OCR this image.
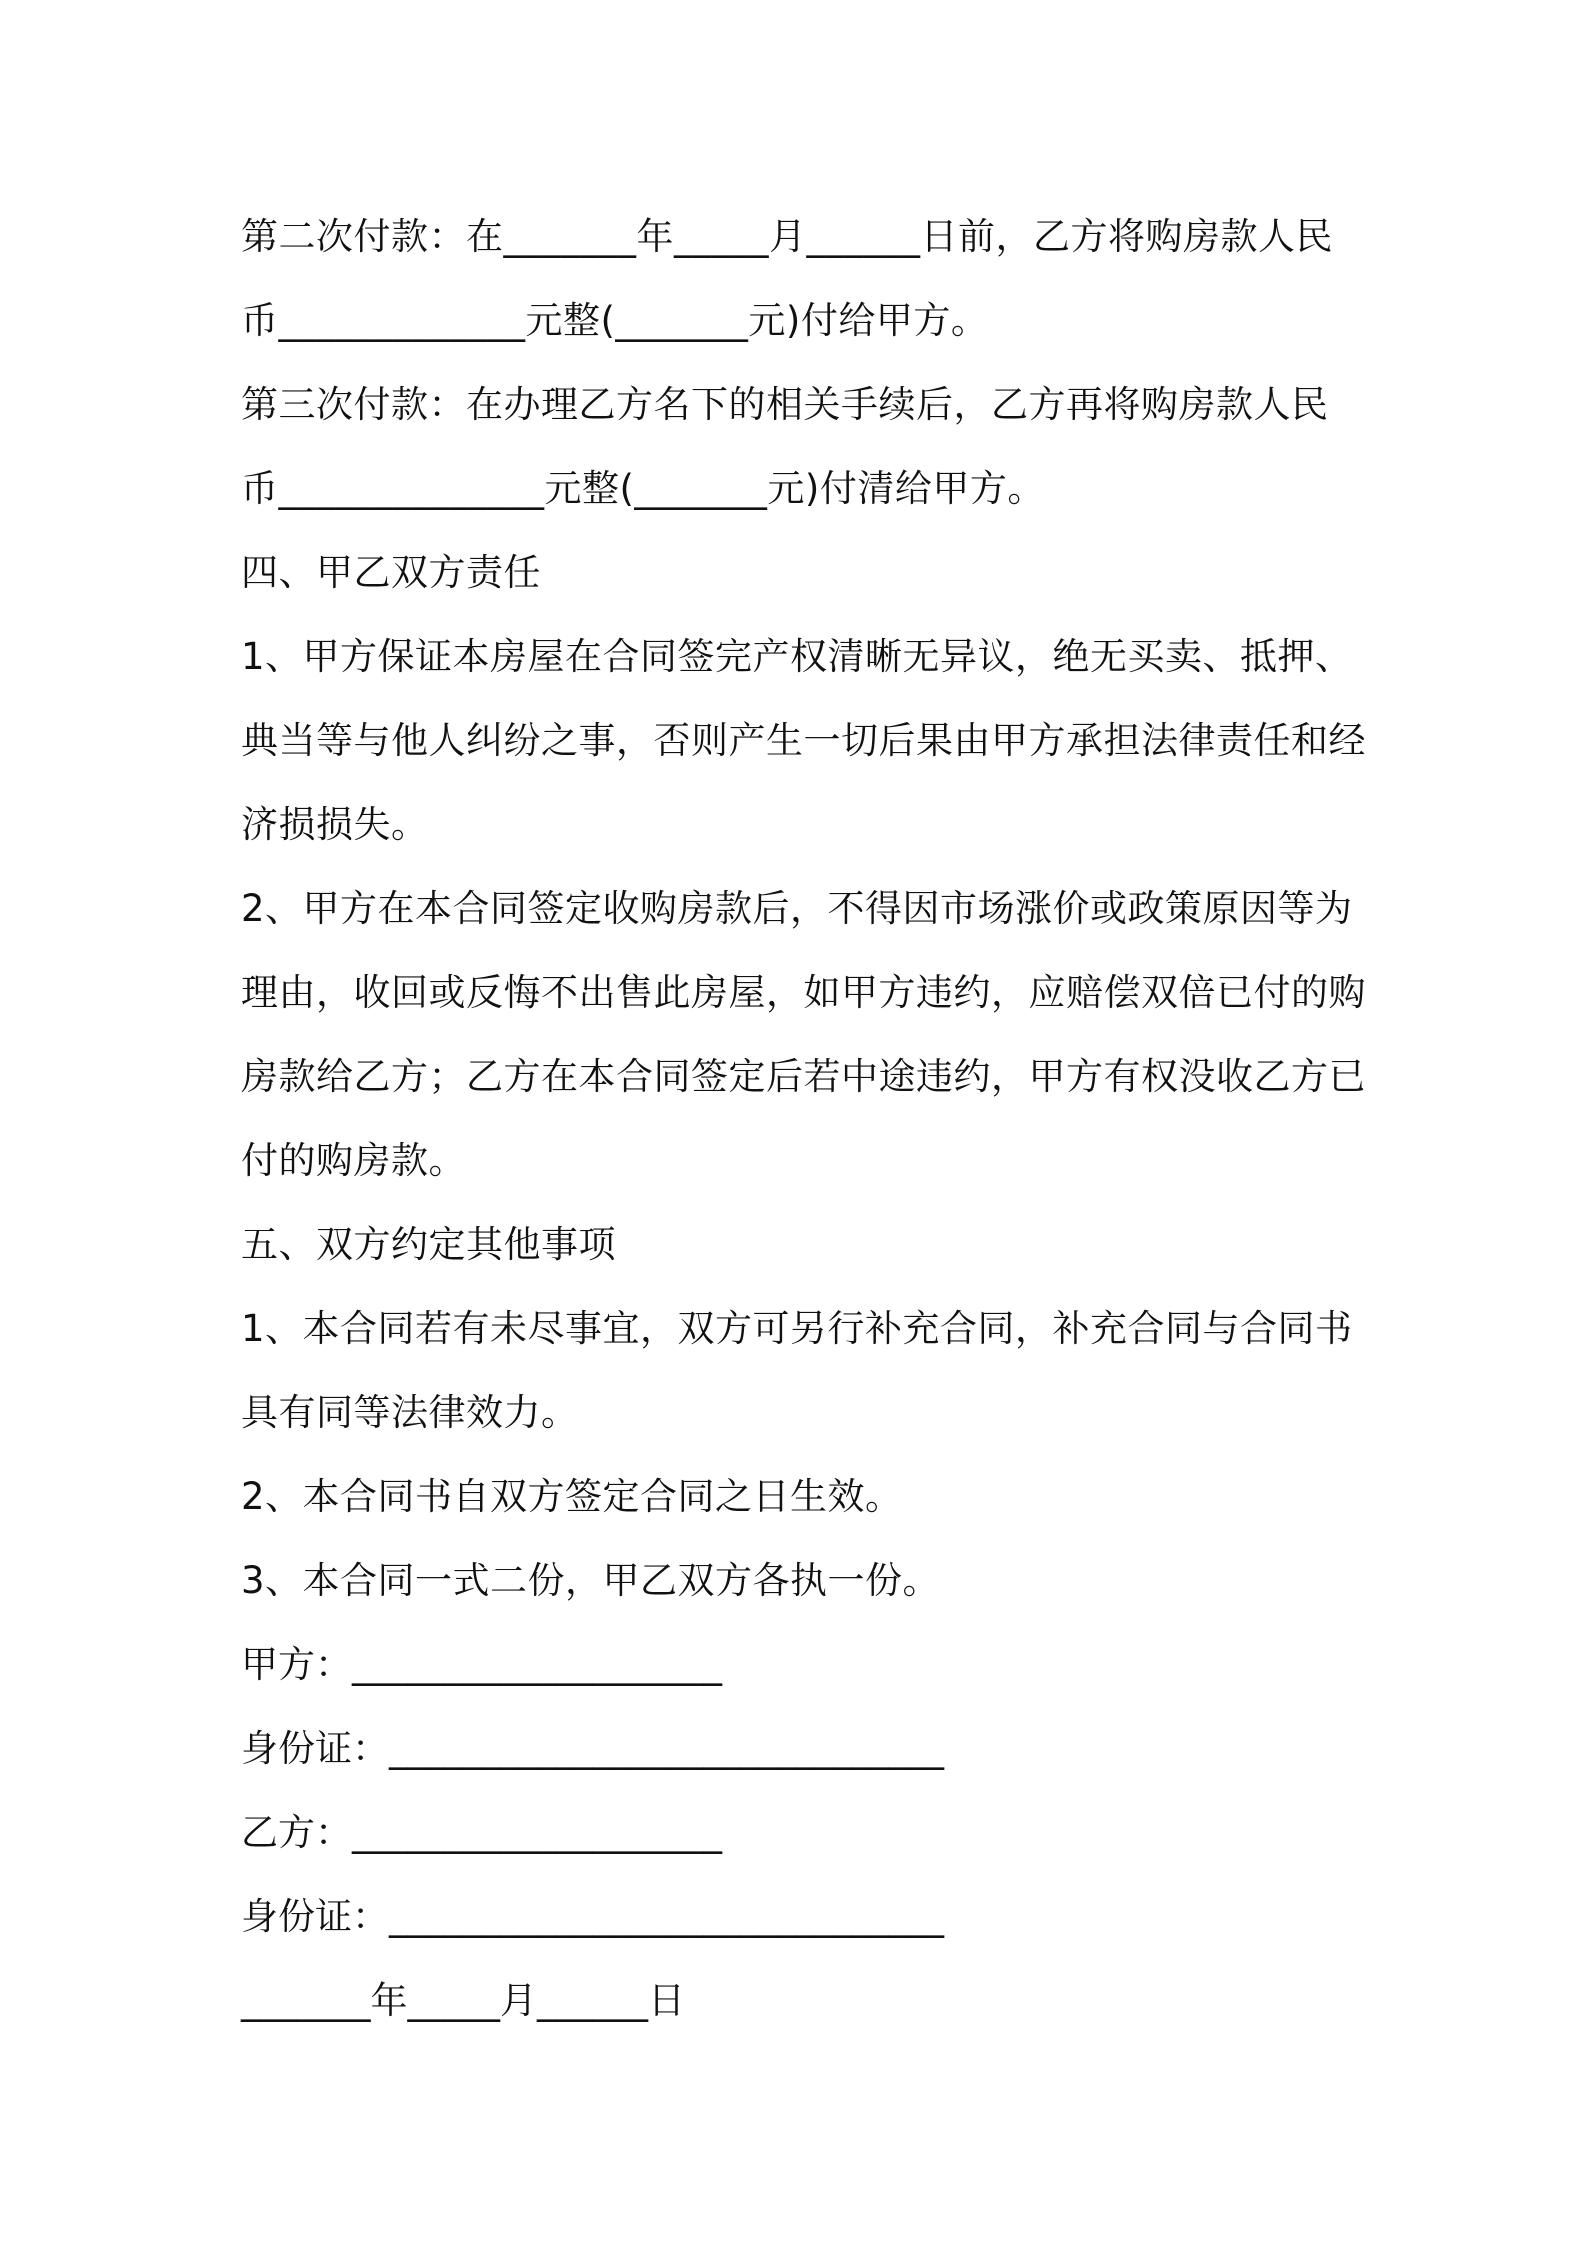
第二次付款：在_______年_____月______日前，乙方将购房款人民
币_____________元整(_______元)付给甲方。
第三次付款：在办理乙方名下的相关手续后，乙方再将购房款人民
币______________元整(_______元)付清给甲方。
四、甲乙双方责任
1、甲方保证本房屋在合同签完产权清晰无异议，绝无买卖、抵押、
典当等与他人纠纷之事，否则产生一切后果由甲方承担法律责任和经
济损损失。
2、甲方在本合同签定收购房款后，不得因市场涨价或政策原因等为
理由，收回或反悔不出售此房屋，如甲方违约，应赔偿双倍已付的购
房款给乙方；乙方在本合同签定后若中途违约，甲方有权没收乙方已
付的购房款。
五、双方约定其他事项
1、本合同若有未尽事宜，双方可另行补充合同，补充合同与合同书
具有同等法律效力。
2、本合同书自双方签定合同之日生效。
3、本合同一式二份，甲乙双方各执一份。
甲方：____________________
身份证：______________________________
乙方：____________________
身份证：______________________________
_______年_____月______日
